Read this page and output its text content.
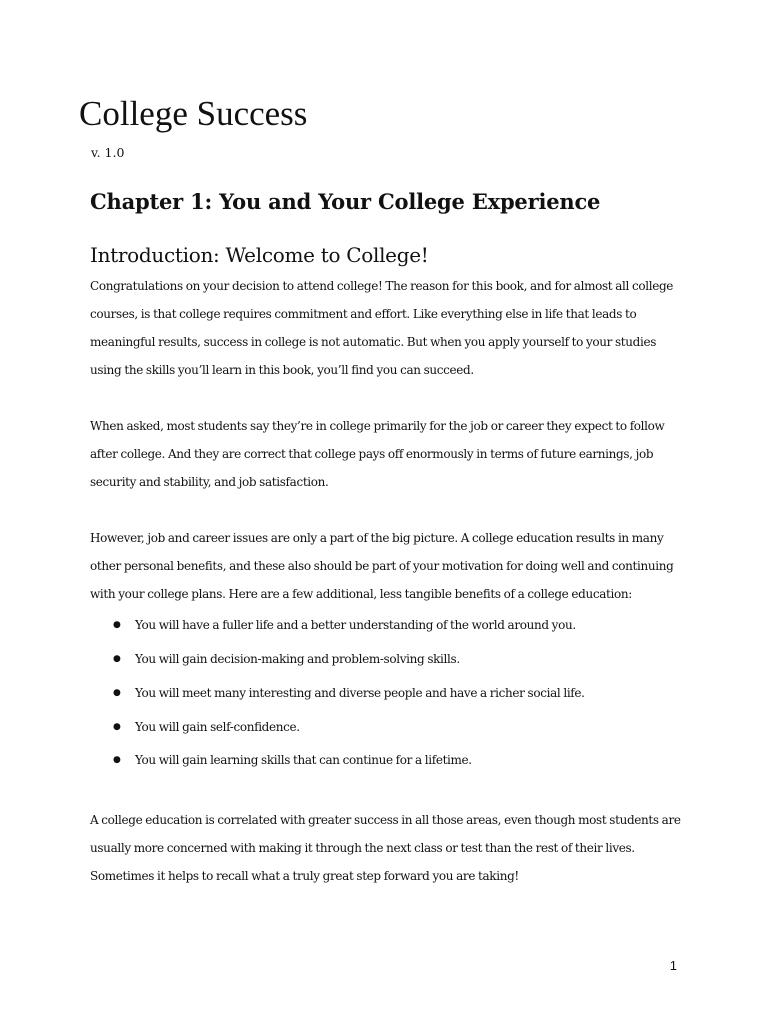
College Success
v. 1.0
Chapter 1: You and Your College Experience
Introduction: Welcome to College!

Congratulations on your decision to attend college! The reason for this book, and for almost all college courses, is that college requires commitment and effort. Like everything else in life that leads to meaningful results, success in college is not automatic. But when you apply yourself to your studies using the skills you’ll learn in this book, you’ll find you can succeed.

When asked, most students say they’re in college primarily for the job or career they expect to follow after college. And they are correct that college pays off enormously in terms of future earnings, job security and stability, and job satisfaction.

However, job and career issues are only a part of the big picture. A college education results in many other personal benefits, and these also should be part of your motivation for doing well and continuing with your college plans. Here are a few additional, less tangible benefits of a college education:

● You will have a fuller life and a better understanding of the world around you.
● You will gain decision-making and problem-solving skills.
● You will meet many interesting and diverse people and have a richer social life.
● You will gain self-confidence.
● You will gain learning skills that can continue for a lifetime.

A college education is correlated with greater success in all those areas, even though most students are usually more concerned with making it through the next class or test than the rest of their lives. Sometimes it helps to recall what a truly great step forward you are taking!

1
